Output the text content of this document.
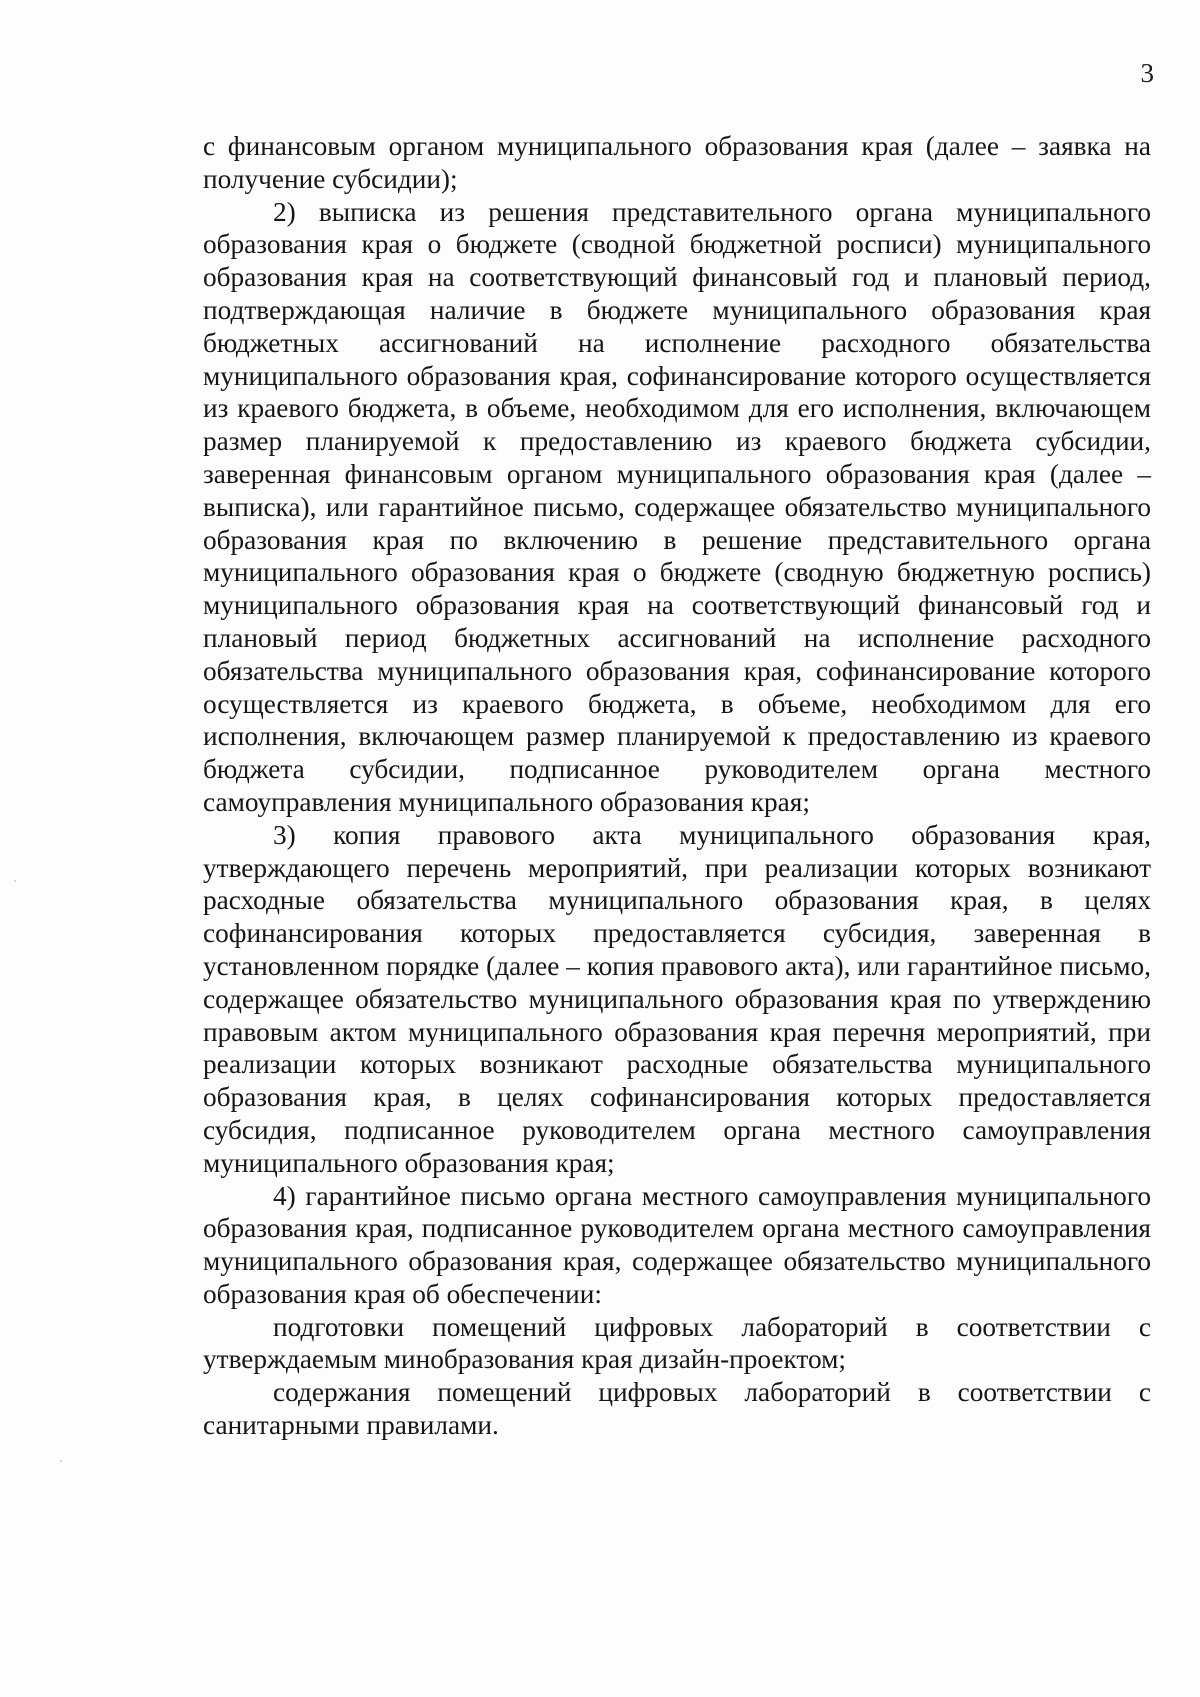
3

с финансовым органом муниципального образования края (далее – заявка на получение субсидии);

2) выписка из решения представительного органа муниципального образования края о бюджете (сводной бюджетной росписи) муниципального образования края на соответствующий финансовый год и плановый период, подтверждающая наличие в бюджете муниципального образования края бюджетных ассигнований на исполнение расходного обязательства муниципального образования края, софинансирование которого осуществляется из краевого бюджета, в объеме, необходимом для его исполнения, включающем размер планируемой к предоставлению из краевого бюджета субсидии, заверенная финансовым органом муниципального образования края (далее – выписка), или гарантийное письмо, содержащее обязательство муниципального образования края по включению в решение представительного органа муниципального образования края о бюджете (сводную бюджетную роспись) муниципального образования края на соответствующий финансовый год и плановый период бюджетных ассигнований на исполнение расходного обязательства муниципального образования края, софинансирование которого осуществляется из краевого бюджета, в объеме, необходимом для его исполнения, включающем размер планируемой к предоставлению из краевого бюджета субсидии, подписанное руководителем органа местного самоуправления муниципального образования края;

3) копия правового акта муниципального образования края, утверждающего перечень мероприятий, при реализации которых возникают расходные обязательства муниципального образования края, в целях софинансирования которых предоставляется субсидия, заверенная в установленном порядке (далее – копия правового акта), или гарантийное письмо, содержащее обязательство муниципального образования края по утверждению правовым актом муниципального образования края перечня мероприятий, при реализации которых возникают расходные обязательства муниципального образования края, в целях софинансирования которых предоставляется субсидия, подписанное руководителем органа местного самоуправления муниципального образования края;

4) гарантийное письмо органа местного самоуправления муниципального образования края, подписанное руководителем органа местного самоуправления муниципального образования края, содержащее обязательство муниципального образования края об обеспечении:

подготовки помещений цифровых лабораторий в соответствии с утверждаемым минобразования края дизайн-проектом;

содержания помещений цифровых лабораторий в соответствии с санитарными правилами.
